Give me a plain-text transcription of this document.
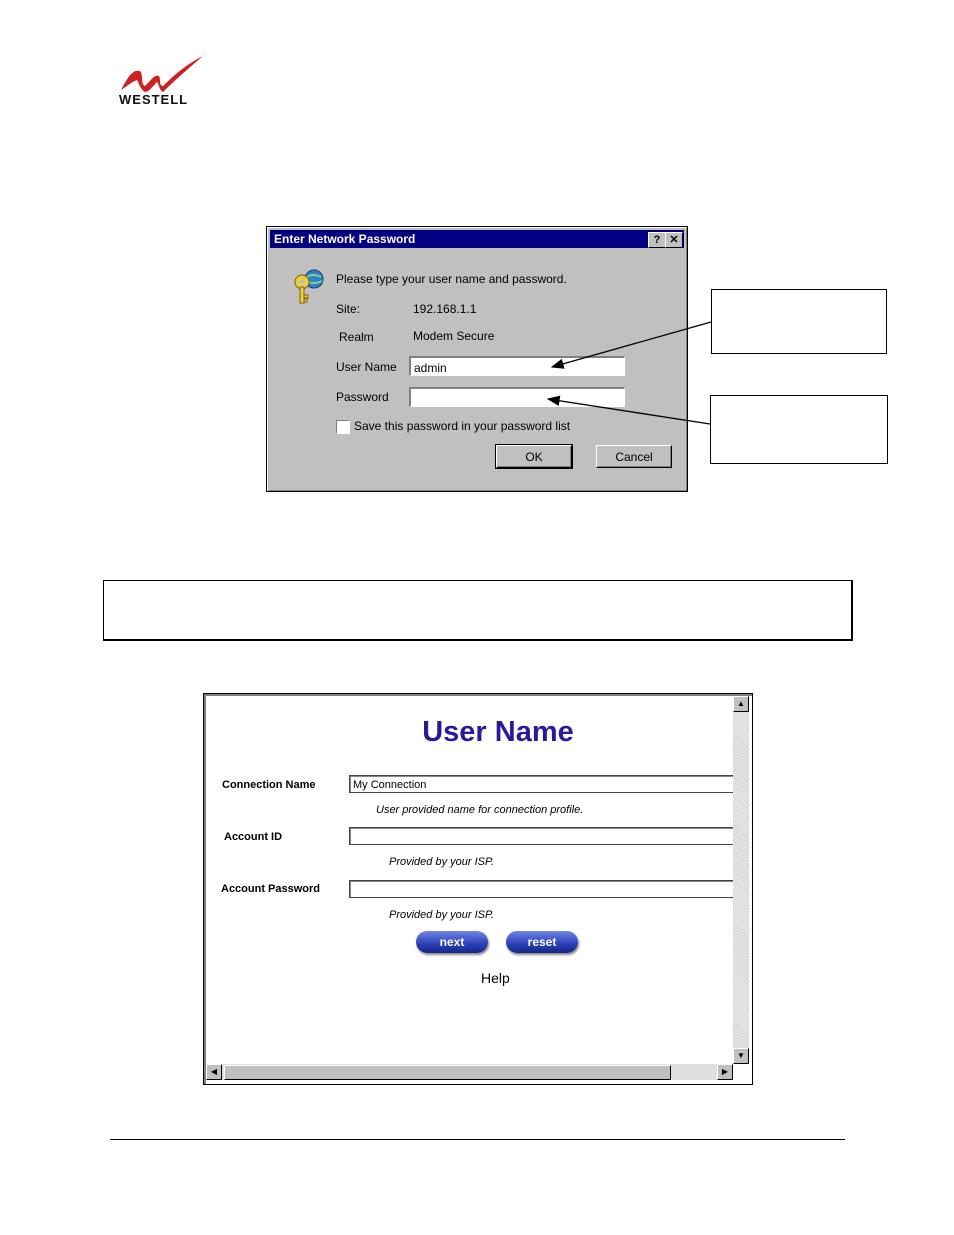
WESTELL
Enter Network Password	? ✕
Please type your user name and password.
Site:	192.168.1.1
Realm	Modem Secure
User Name	admin
Password
Save this password in your password list
OK	Cancel
User Name
Connection Name	My Connection
User provided name for connection profile.
Account ID
Provided by your ISP.
Account Password
Provided by your ISP.
next	reset
Help
▲
▼
◀	▶
